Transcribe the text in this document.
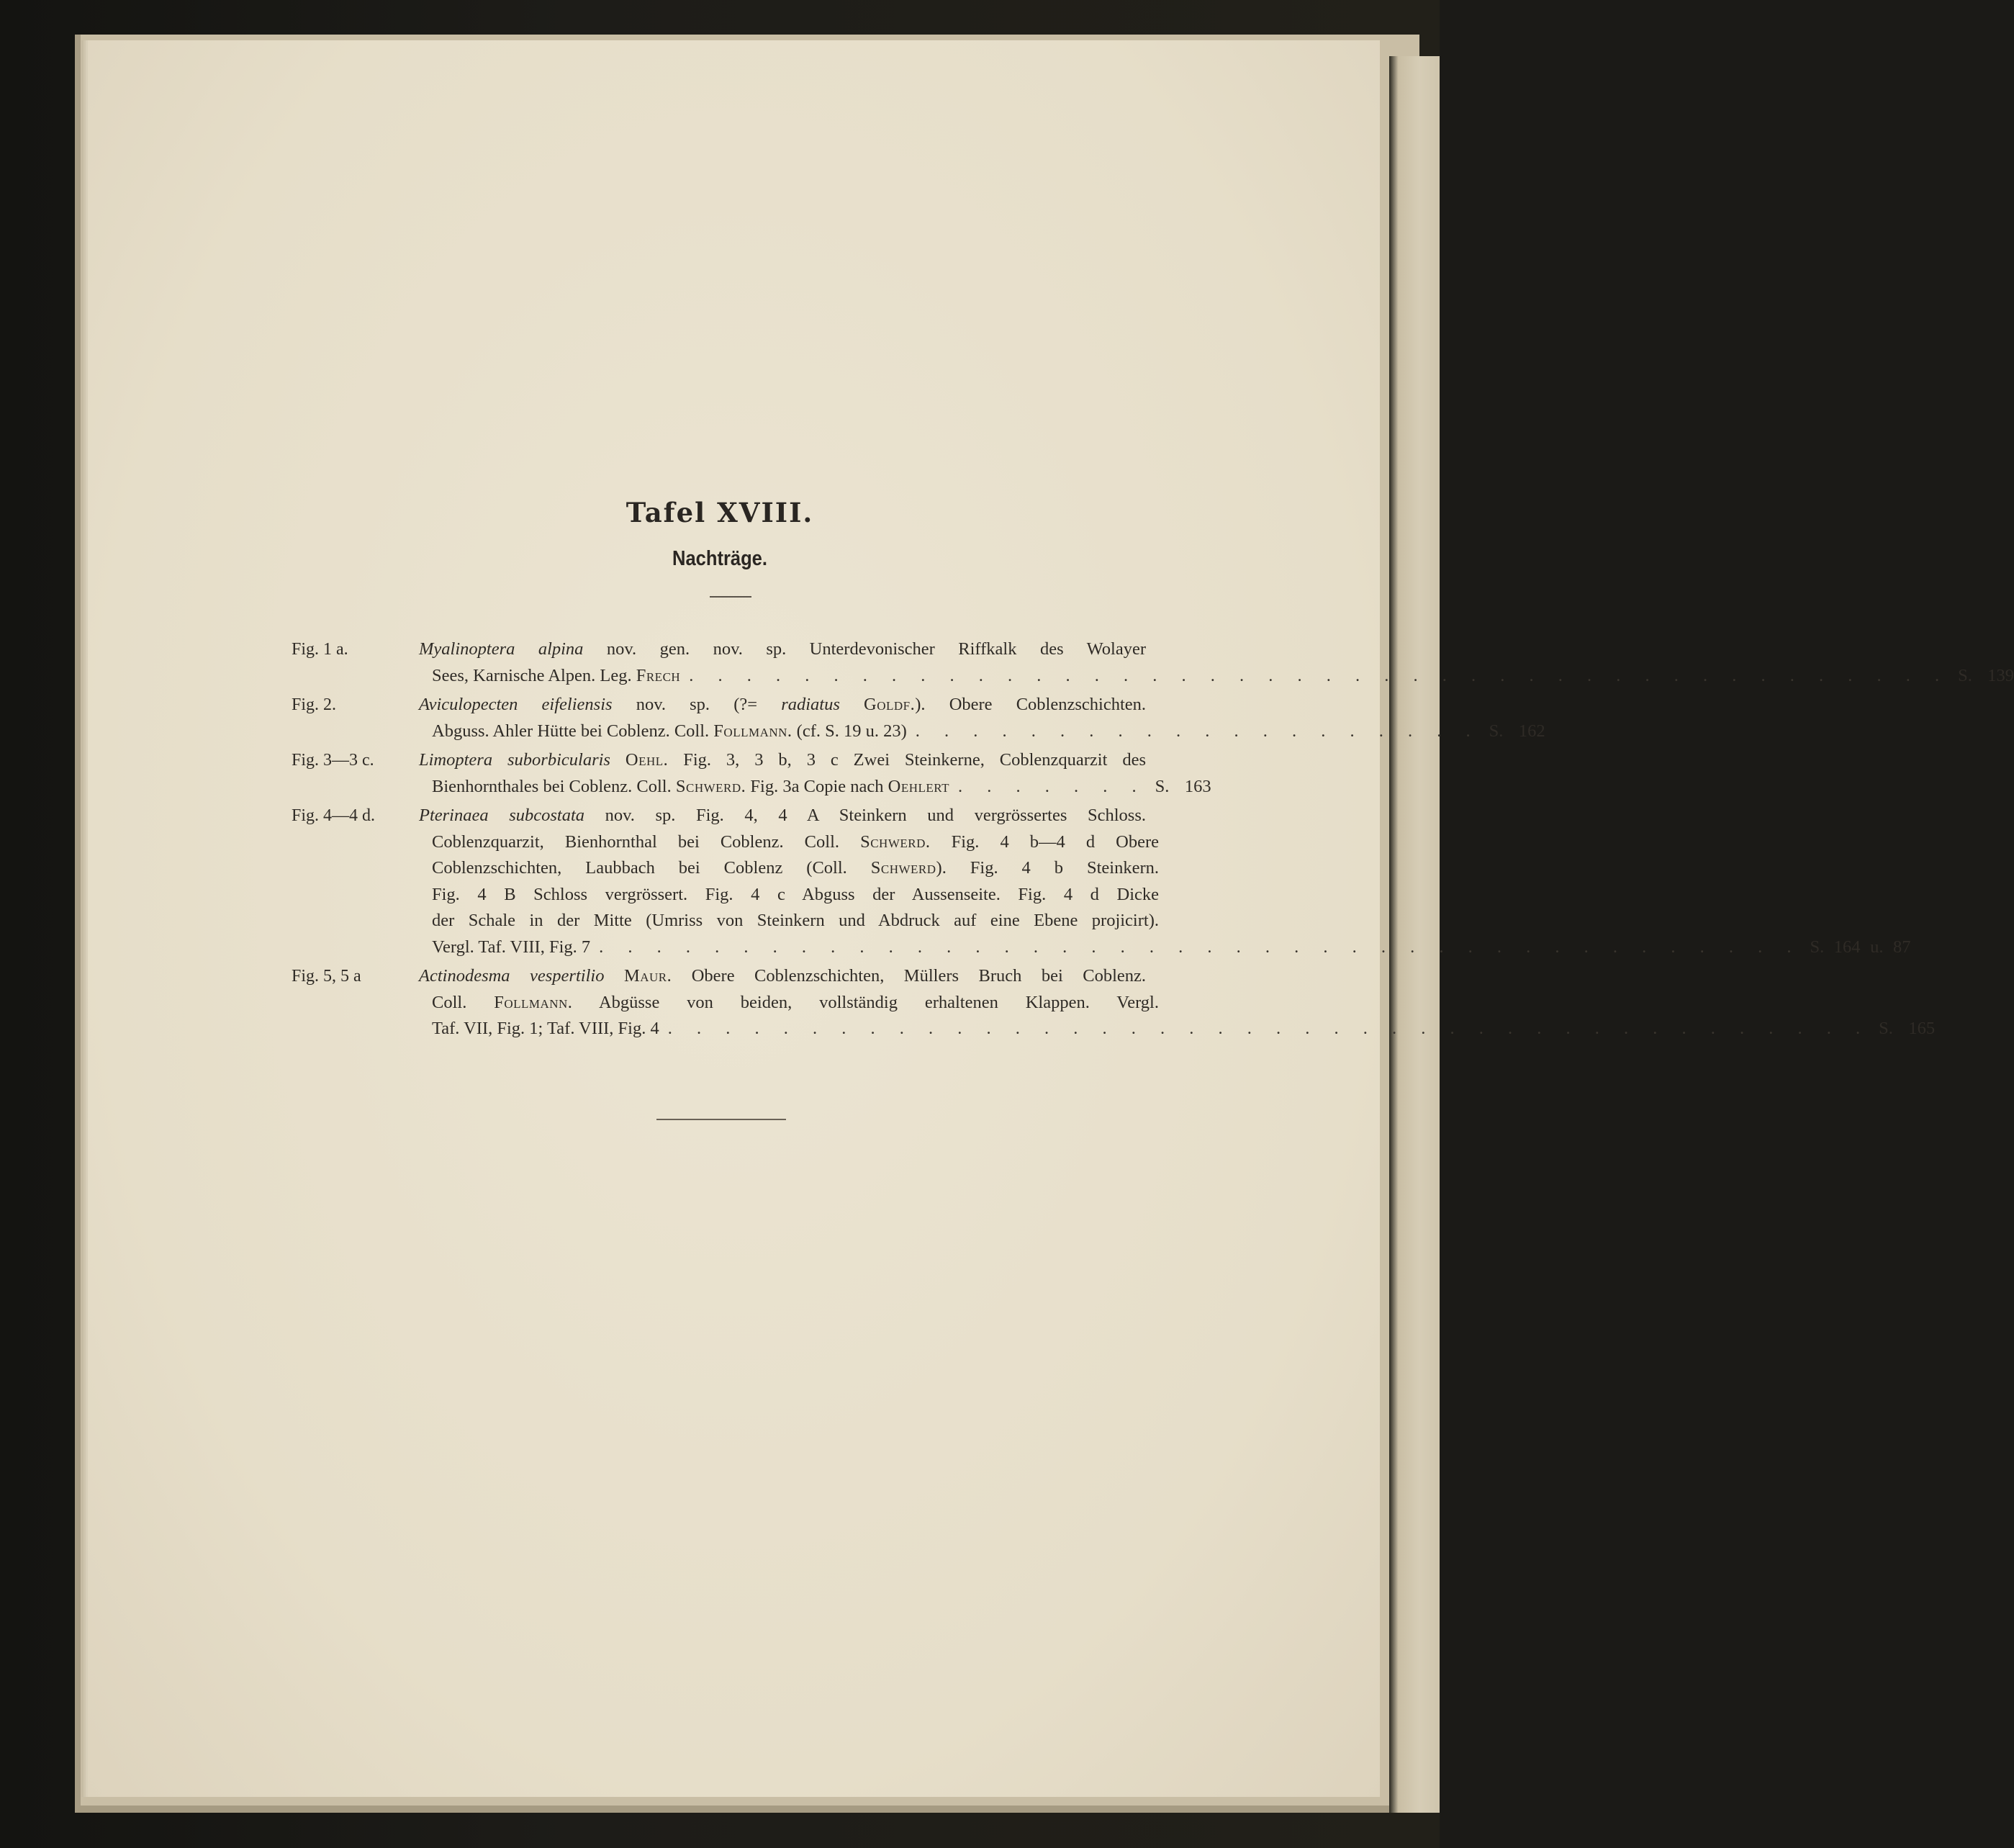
Tafel XVIII.
Nachträge.
Fig. 1 a.	Myalinoptera alpina nov. gen. nov. sp. Unterdevonischer Riffkalk des Wolayer
Sees, Karnische Alpen. Leg. Frech . . . . . . . . . . . . . . . . . . . . . . . . . . . . . . . . . . . . . . . . . . . . S. 139
Fig. 2.	Aviculopecten eifeliensis nov. sp. (?= radiatus Goldf.). Obere Coblenzschichten.
Abguss. Ahler Hütte bei Coblenz. Coll. Follmann. (cf. S. 19 u. 23) . . . . . . . . . . . . . . . . . . . . S. 162
Fig. 3—3 c.	Limoptera suborbicularis Oehl. Fig. 3, 3 b, 3 c Zwei Steinkerne, Coblenzquarzit des
Bienhornthales bei Coblenz. Coll. Schwerd. Fig. 3a Copie nach Oehlert . . . . . . . S. 163
Fig. 4—4 d.	Pterinaea subcostata nov. sp. Fig. 4, 4 A Steinkern und vergrössertes Schloss.
Coblenzquarzit, Bienhornthal bei Coblenz. Coll. Schwerd. Fig. 4 b—4 d Obere
Coblenzschichten, Laubbach bei Coblenz (Coll. Schwerd). Fig. 4 b Steinkern.
Fig. 4 B Schloss vergrössert. Fig. 4 c Abguss der Aussenseite. Fig. 4 d Dicke
der Schale in der Mitte (Umriss von Steinkern und Abdruck auf eine Ebene projicirt).
Vergl. Taf. VIII, Fig. 7 . . . . . . . . . . . . . . . . . . . . . . . . . . . . . . . . . . . . . . . . . . S. 164 u. 87
Fig. 5, 5 a	Actinodesma vespertilio Maur. Obere Coblenzschichten, Müllers Bruch bei Coblenz.
Coll. Follmann. Abgüsse von beiden, vollständig erhaltenen Klappen. Vergl.
Taf. VII, Fig. 1; Taf. VIII, Fig. 4 . . . . . . . . . . . . . . . . . . . . . . . . . . . . . . . . . . . . . . . . . . S. 165
